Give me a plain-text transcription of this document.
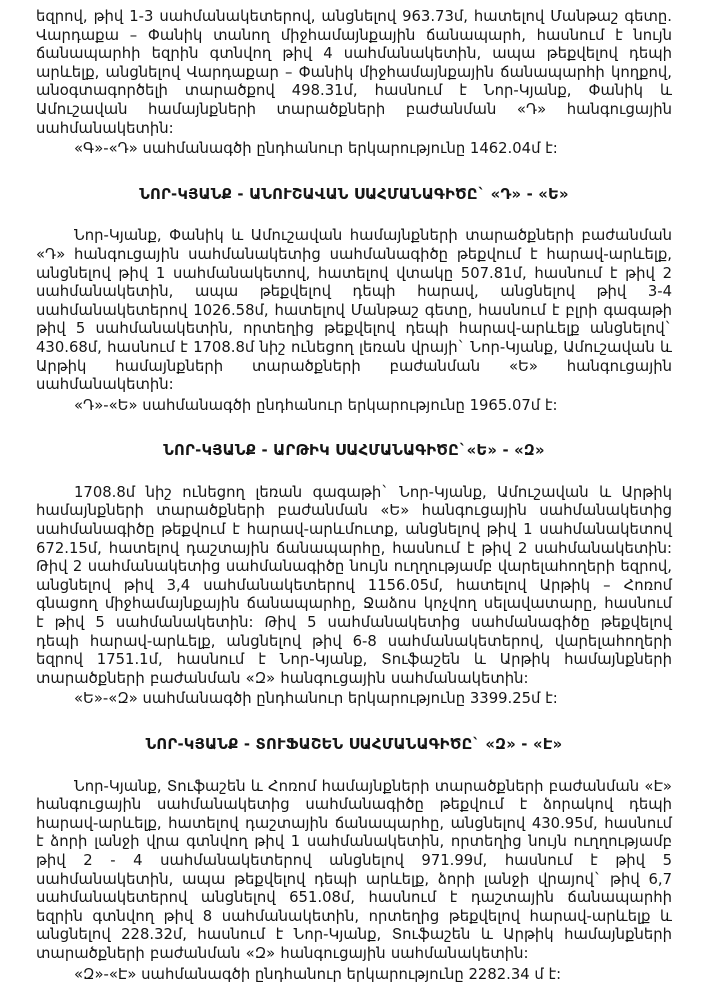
եզրով, թիվ 1-3 սահմանակետերով, անցնելով 963.73մ, հատելով Մանթաշ գետը. Վարդաքա – Փանիկ տանող միջհամայնքային ճանապարհ, հասնում է նույն ճանապարհի եզրին գտնվող թիվ 4 սահմանակետին, ապա թեքվելով դեպի արևելք, անցնելով Վարդաքար – Փանիկ միջհամայնքային ճանապարհի կողքով, անօգտագործելի տարածքով 498.31մ, հասնում է Նոր-Կյանք, Փանիկ և Ամուշավան համայնքների տարածքների բաժանման «Դ» հանգուցային սահմանակետին:

«Գ»-«Դ» սահմանագծի ընդհանուր երկարությունը 1462.04մ է:

ՆՈՐ-ԿՅԱՆՔ - ԱՆՈՒՇԱՎԱՆ ՍԱՀՄԱՆԱԳԻԾԸ` «Դ» - «Ե»

Նոր-Կյանք, Փանիկ և Ամուշավան համայնքների տարածքների բաժանման «Դ» հանգուցային սահմանակետից սահմանագիծը թեքվում է հարավ-արևելք, անցնելով թիվ 1 սահմանակետով, հատելով վտակը 507.81մ, հասնում է թիվ 2 սահմանակետին, ապա թեքվելով դեպի հարավ, անցնելով թիվ 3-4 սահմանակետերով 1026.58մ, հատելով Մանթաշ գետը, հասնում է բլրի գագաթի թիվ 5 սահմանակետին, որտեղից թեքվելով դեպի հարավ-արևելք անցնելով` 430.68մ, հասնում է 1708.8մ նիշ ունեցող լեռան վրայի` Նոր-Կյանք, Ամուշավան և Արթիկ համայնքների տարածքների բաժանման «Ե» հանգուցային սահմանակետին:

«Դ»-«Ե» սահմանագծի ընդհանուր երկարությունը 1965.07մ է:

ՆՈՐ-ԿՅԱՆՔ - ԱՐԹԻԿ ՍԱՀՄԱՆԱԳԻԾԸ`«Ե» - «Զ»

1708.8մ նիշ ունեցող լեռան գագաթի` Նոր-Կյանք, Ամուշավան և Արթիկ համայնքների տարածքների բաժանման «Ե» հանգուցային սահմանակետից սահմանագիծը թեքվում է հարավ-արևմուտք, անցնելով թիվ 1 սահմանակետով 672.15մ, հատելով դաշտային ճանապարհը, հասնում է թիվ 2 սահմանակետին: Թիվ 2 սահմանակետից սահմանագիծը նույն ուղղությամբ վարելահողերի եզրով, անցնելով թիվ 3,4 սահմանակետերով 1156.05մ, հատելով Արթիկ – Հոռոմ գնացող միջհամայնքային ճանապարհը, Ջաձոս կոչվող սելավատարը, հասնում է թիվ 5 սահմանակետին: Թիվ 5 սահմանակետից սահմանագիծը թեքվելով դեպի հարավ-արևելք, անցնելով թիվ 6-8 սահմանակետերով, վարելահողերի եզրով 1751.1մ, հասնում է Նոր-Կյանք, Տուֆաշեն և Արթիկ համայնքների տարածքների բաժանման «Զ» հանգուցային սահմանակետին:

«Ե»-«Զ» սահմանագծի ընդհանուր երկարությունը 3399.25մ է:

ՆՈՐ-ԿՅԱՆՔ - ՏՈՒՖԱՇԵՆ ՍԱՀՄԱՆԱԳԻԾԸ` «Զ» - «Է»

Նոր-Կյանք, Տուֆաշեն և Հոռոմ համայնքների տարածքների բաժանման «Է» հանգուցային սահմանակետից սահմանագիծը թեքվում է ձորակով դեպի հարավ-արևելք, հատելով դաշտային ճանապարհը, անցնելով 430.95մ, հասնում է ձորի լանջի վրա գտնվող թիվ 1 սահմանակետին, որտեղից նույն ուղղությամբ թիվ 2 - 4 սահմանակետերով անցնելով 971.99մ, հասնում է թիվ 5 սահմանակետին, ապա թեքվելով դեպի արևելք, ձորի լանջի վրայով` թիվ 6,7 սահմանակետերով անցնելով 651.08մ, հասնում է դաշտային ճանապարհի եզրին գտնվող թիվ 8 սահմանակետին, որտեղից թեքվելով հարավ-արևելք և անցնելով 228.32մ, հասնում է Նոր-Կյանք, Տուֆաշեն և Արթիկ համայնքների տարածքների բաժանման «Զ» հանգուցային սահմանակետին:

«Զ»-«Է» սահմանագծի ընդհանուր երկարությունը 2282.34 մ է:
